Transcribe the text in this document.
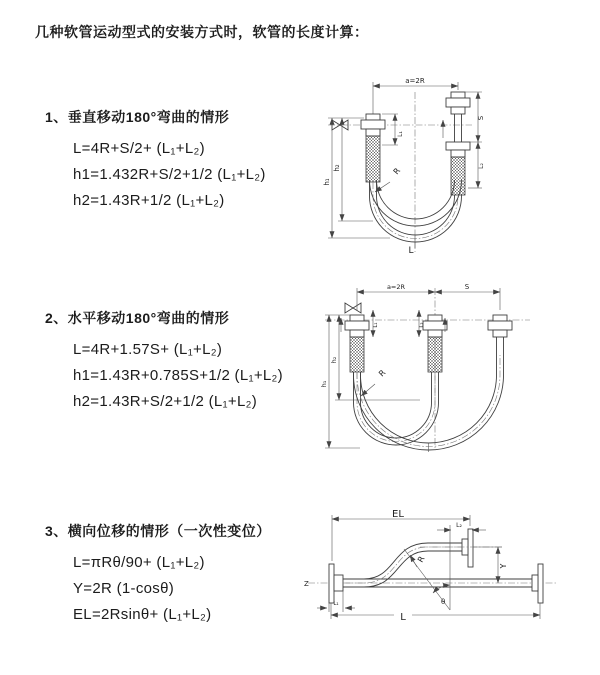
几种软管运动型式的安装方式时，软管的长度计算：
1、垂直移动180°弯曲的情形
L=4R+S/2+ (L₁+L₂)
h1=1.432R+S/2+1/2 (L₁+L₂)
h2=1.43R+1/2 (L₁+L₂)
a=2R
L₁
S
L₂
h₁
h₂	R
L
2、水平移动180°弯曲的情形
L=4R+1.57S+ (L₁+L₂)
h1=1.43R+0.785S+1/2 (L₁+L₂)
h2=1.43R+S/2+1/2 (L₁+L₂)
a=2R	S
L₁	L₂
h₁
h₂
R
3、横向位移的情形（一次性变位）
L=πRθ/90+ (L₁+L₂)
Y=2R (1-cosθ)
EL=2Rsinθ+ (L₁+L₂)
Z
EL
L₂
Y
R
θ
L₁
L
